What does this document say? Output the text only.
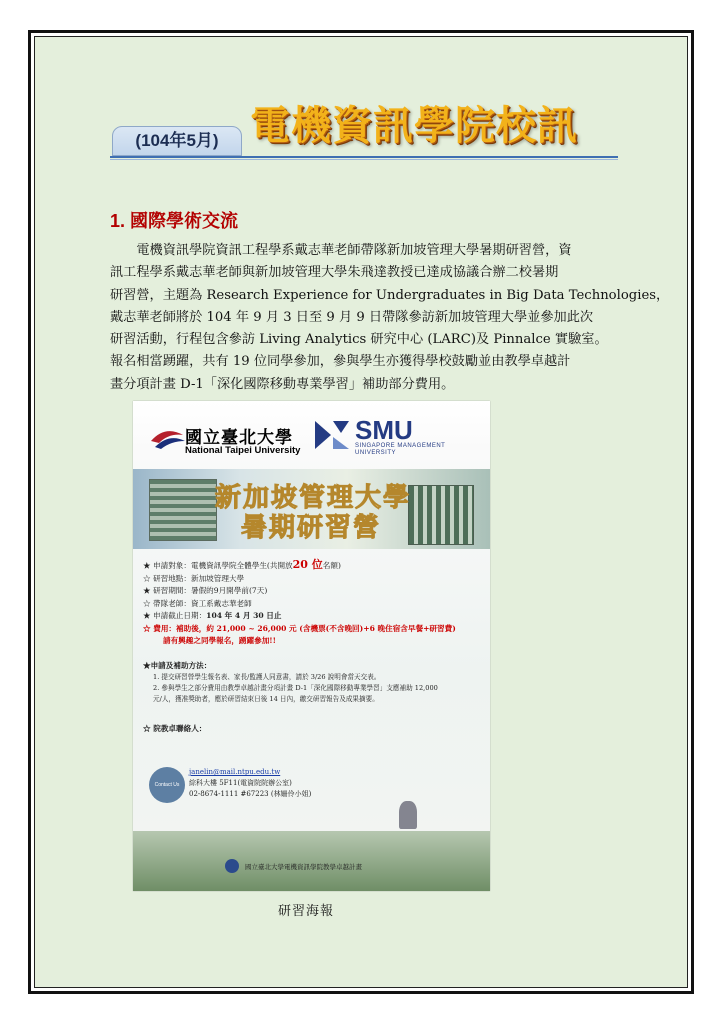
(104年5月) 電機資訊學院校訊
1. 國際學術交流
　　電機資訊學院資訊工程學系戴志華老師帶隊新加坡管理大學暑期研習營，資
訊工程學系戴志華老師與新加坡管理大學朱飛達教授已達成協議合辦二校暑期
研習營，主題為 Research Experience for Undergraduates in Big Data Technologies，
戴志華老師將於 104 年 9 月 3 日至 9 月 9 日帶隊參訪新加坡管理大學並參加此次
研習活動，行程包含參訪 Living Analytics 研究中心 (LARC)及 Pinnalce 實驗室。
報名相當踴躍，共有 19 位同學參加，參與學生亦獲得學校鼓勵並由教學卓越計
畫分項計畫 D-1「深化國際移動專業學習」補助部分費用。
國立臺北大學
National Taipei University
SMU
SINGAPORE MANAGEMENT
UNIVERSITY
新加坡管理大學
暑期研習營
★ 申請對象：電機資訊學院全體學生(共開放20 位名額)
☆ 研習地點：新加坡管理大學
★ 研習期間：暑假的9月開學前(7天)
☆ 帶隊老師：資工系戴志華老師
★ 申請截止日期：104 年 4 月 30 日止
☆ 費用：補助後，約 21,000 ~ 26,000 元 (含機票(不含晚回)+6 晚住宿含早餐+研習費)
請有興趣之同學報名，踴躍參加!!
★申請及補助方法：
1. 提交研習營學生報名表、家長/監護人同意書，請於 3/26 說明會當天交表。
2. 參與學生之部分費用由教學卓越計畫分項計畫 D-1「深化國際移動專業學習」支應補助 12,000
元/人，獲准獎助者，應於研習結束日後 14 日內，繳交研習報告及成果摘要。
☆ 院教卓聯絡人：
Contact Us
janelin@mail.ntpu.edu.tw
綜科大樓 5F11(電資院院辦公室)
02-8674-1111 #67223 (林姍伶小姐)
國立臺北大學電機資訊學院教學卓越計畫
研習海報
